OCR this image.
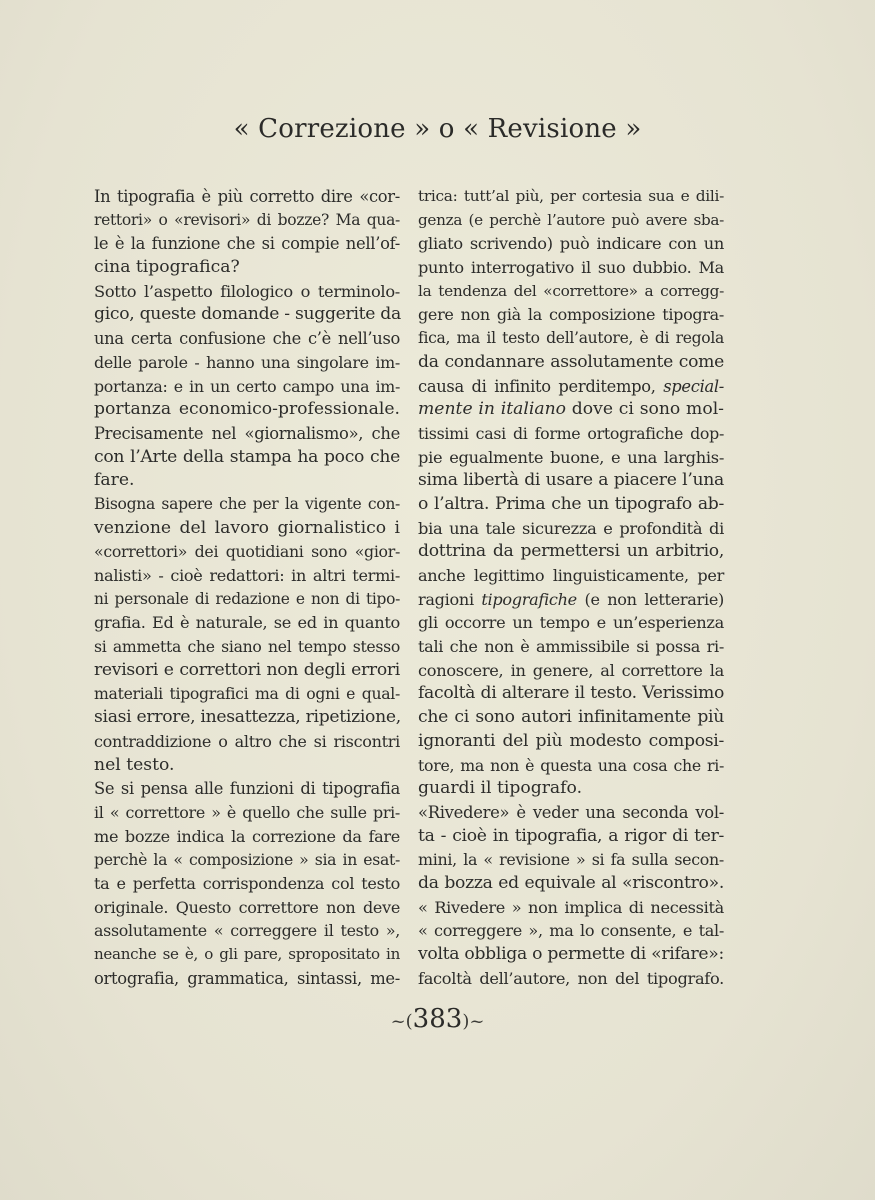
« Correzione » o « Revisione »
In tipografia è più corretto dire «cor-
rettori» o «revisori» di bozze? Ma qua-
le è la funzione che si compie nell’of-
cina tipografica?
Sotto l’aspetto filologico o terminolo-
gico, queste domande - suggerite da
una certa confusione che c’è nell’uso
delle parole - hanno una singolare im-
portanza: e in un certo campo una im-
portanza economico-professionale.
Precisamente nel «giornalismo», che
con l’Arte della stampa ha poco che
fare.
Bisogna sapere che per la vigente con-
venzione del lavoro giornalistico i
«correttori» dei quotidiani sono «gior-
nalisti» - cioè redattori: in altri termi-
ni personale di redazione e non di tipo-
grafia. Ed è naturale, se ed in quanto
si ammetta che siano nel tempo stesso
revisori e correttori non degli errori
materiali tipografici ma di ogni e qual-
siasi errore, inesattezza, ripetizione,
contraddizione o altro che si riscontri
nel testo.
Se si pensa alle funzioni di tipografia
il « correttore » è quello che sulle pri-
me bozze indica la correzione da fare
perchè la « composizione » sia in esat-
ta e perfetta corrispondenza col testo
originale. Questo correttore non deve
assolutamente « correggere il testo »,
neanche se è, o gli pare, spropositato in
ortografia, grammatica, sintassi, me-
trica: tutt’al più, per cortesia sua e dili-
genza (e perchè l’autore può avere sba-
gliato scrivendo) può indicare con un
punto interrogativo il suo dubbio. Ma
la tendenza del «correttore» a corregg-
gere non già la composizione tipogra-
fica, ma il testo dell’autore, è di regola
da condannare assolutamente come
causa di infinito perditempo, special-
mente in italiano dove ci sono mol-
tissimi casi di forme ortografiche dop-
pie egualmente buone, e una larghis-
sima libertà di usare a piacere l’una
o l’altra. Prima che un tipografo ab-
bia una tale sicurezza e profondità di
dottrina da permettersi un arbitrio,
anche legittimo linguisticamente, per
ragioni tipografiche (e non letterarie)
gli occorre un tempo e un’esperienza
tali che non è ammissibile si possa ri-
conoscere, in genere, al correttore la
facoltà di alterare il testo. Verissimo
che ci sono autori infinitamente più
ignoranti del più modesto composi-
tore, ma non è questa una cosa che ri-
guardi il tipografo.
«Rivedere» è veder una seconda vol-
ta - cioè in tipografia, a rigor di ter-
mini, la « revisione » si fa sulla secon-
da bozza ed equivale al «riscontro».
« Rivedere » non implica di necessità
« correggere », ma lo consente, e tal-
volta obbliga o permette di «rifare»:
facoltà dell’autore, non del tipografo.
~(383)~
